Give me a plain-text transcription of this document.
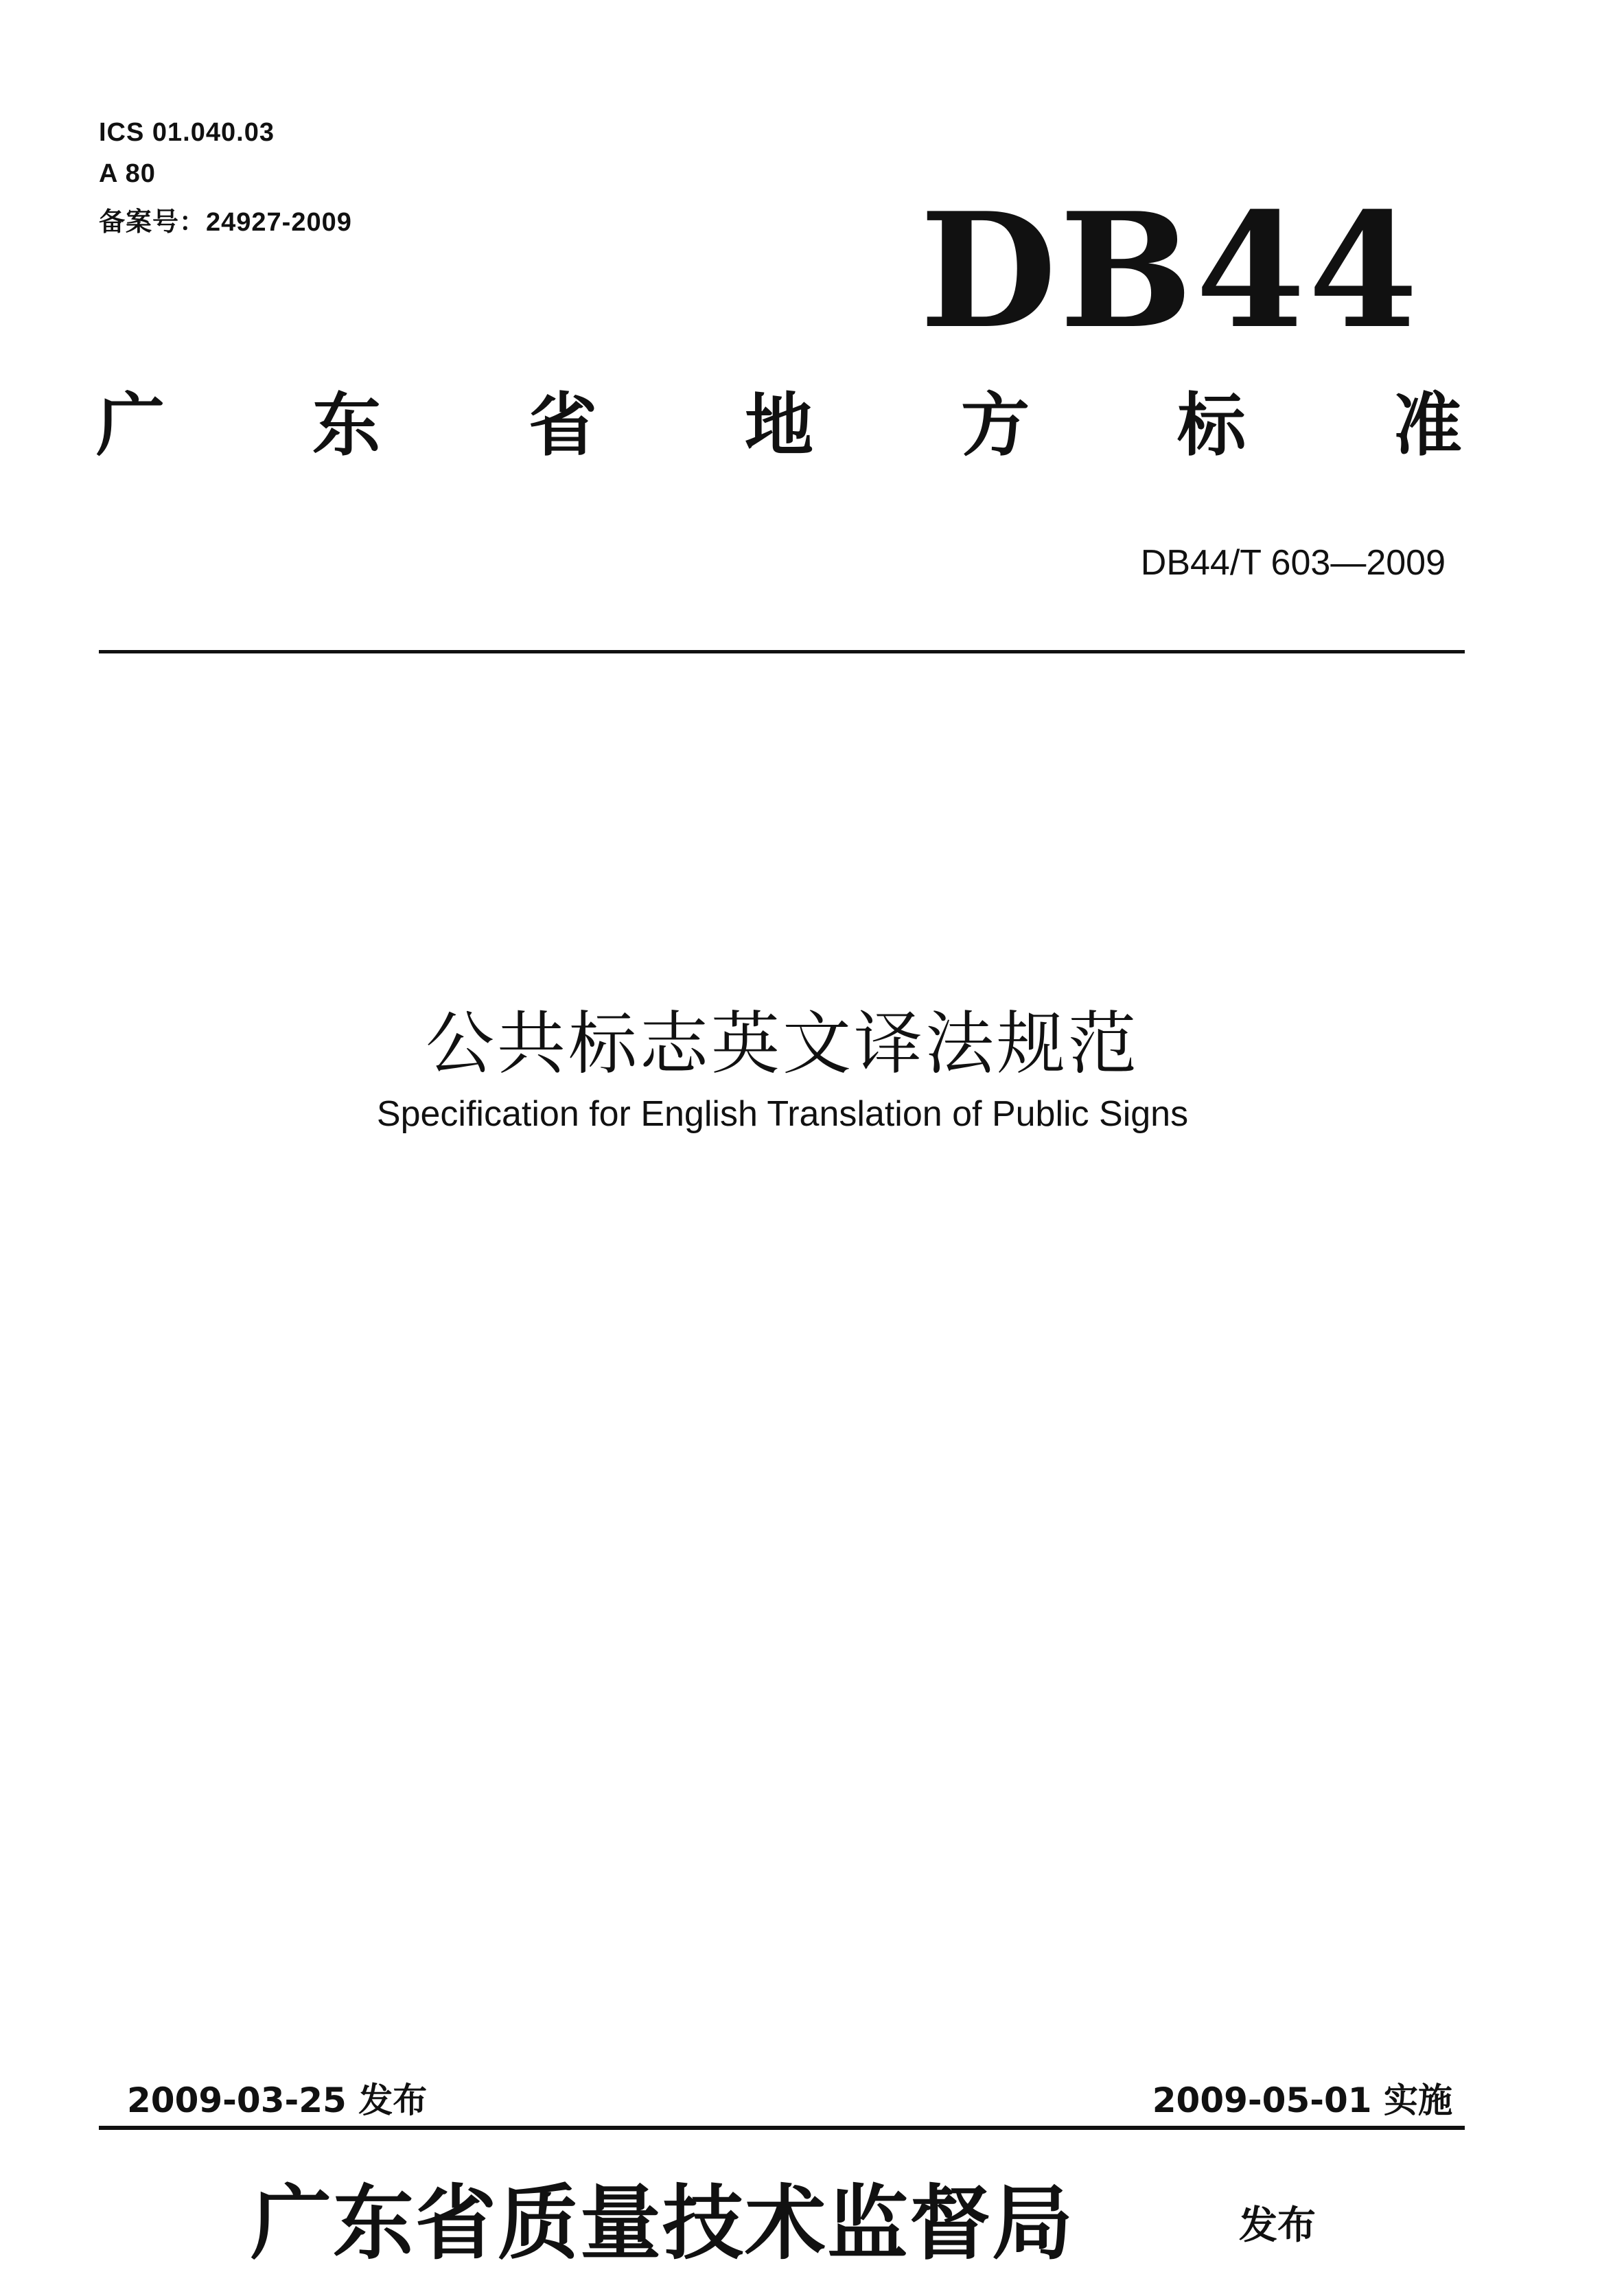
ICS 01.040.03
A 80
备案号：24927-2009	DB44
广 东 省 地 方 标 准
DB44/T 603—2009
公共标志英文译法规范
Specification for English Translation of Public Signs
2009-03-25 发布	2009-05-01 实施
广东省质量技术监督局	发布
